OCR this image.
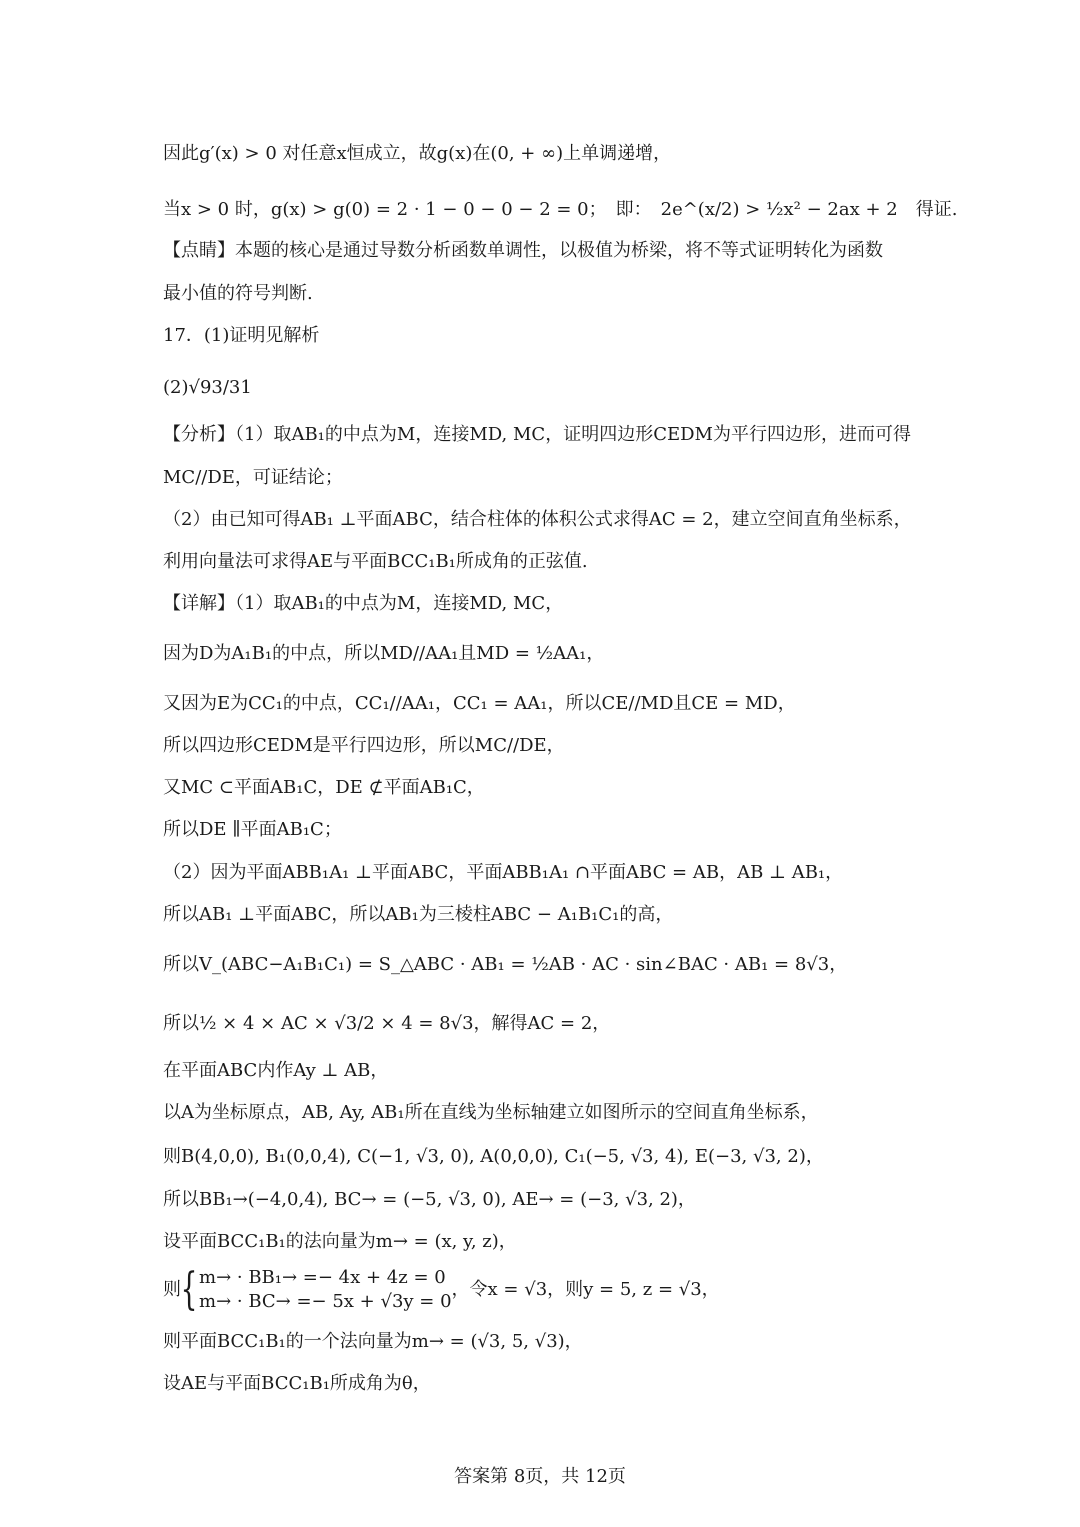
因此g′(x) > 0 对任意x恒成立，故g(x)在(0, + ∞)上单调递增，
当x > 0 时，g(x) > g(0) = 2 · 1 − 0 − 0 − 2 = 0；　即：　2e^(x/2) > ½x² − 2ax + 2　得证.
【点睛】本题的核心是通过导数分析函数单调性，以极值为桥梁，将不等式证明转化为函数
最小值的符号判断.
17．(1)证明见解析
(2)√93/31
【分析】（1）取AB₁的中点为M，连接MD, MC，证明四边形CEDM为平行四边形，进而可得
MC//DE，可证结论；
（2）由已知可得AB₁ ⊥平面ABC，结合柱体的体积公式求得AC = 2，建立空间直角坐标系，
利用向量法可求得AE与平面BCC₁B₁所成角的正弦值.
【详解】（1）取AB₁的中点为M，连接MD, MC，
因为D为A₁B₁的中点，所以MD//AA₁且MD = ½AA₁，
又因为E为CC₁的中点，CC₁//AA₁，CC₁ = AA₁，所以CE//MD且CE = MD，
所以四边形CEDM是平行四边形，所以MC//DE，
又MC ⊂平面AB₁C，DE ⊄平面AB₁C，
所以DE ∥平面AB₁C；
（2）因为平面ABB₁A₁ ⊥平面ABC，平面ABB₁A₁ ∩平面ABC = AB，AB ⊥ AB₁，
所以AB₁ ⊥平面ABC，所以AB₁为三棱柱ABC − A₁B₁C₁的高，
所以V_(ABC−A₁B₁C₁) = S_△ABC · AB₁ = ½AB · AC · sin∠BAC · AB₁ = 8√3，
所以½ × 4 × AC × √3/2 × 4 = 8√3，解得AC = 2，
在平面ABC内作Ay ⊥ AB，
以A为坐标原点，AB, Ay, AB₁所在直线为坐标轴建立如图所示的空间直角坐标系，
则B(4,0,0), B₁(0,0,4), C(−1, √3, 0), A(0,0,0), C₁(−5, √3, 4), E(−3, √3, 2)，
所以BB₁→(−4,0,4), BC→ = (−5, √3, 0), AE→ = (−3, √3, 2)，
设平面BCC₁B₁的法向量为m→ = (x, y, z)，
则{ m→ · BB₁→ =− 4x + 4z = 0
m→ · BC→ =− 5x + √3y = 0
，令x = √3，则y = 5, z = √3，
则平面BCC₁B₁的一个法向量为m→ = (√3, 5, √3)，
设AE与平面BCC₁B₁所成角为θ，
答案第 8页，共 12页
